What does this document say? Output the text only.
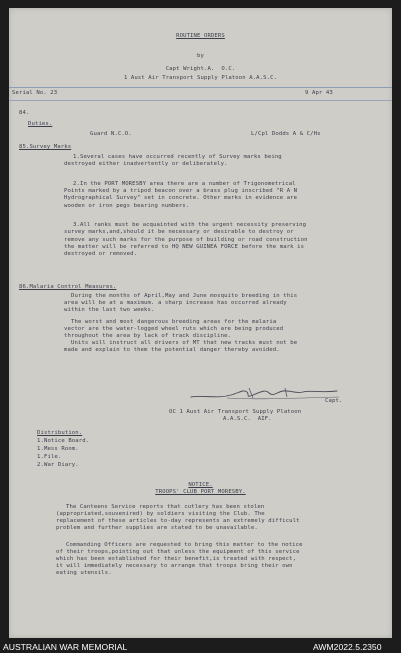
ROUTINE ORDERS
by
Capt Wright.A.  O.C.
1 Aust Air Transport Supply Platoon A.A.S.C.
Serial No. 23	9 Apr 43
84.
Duties.
Guard N.C.O.	L/Cpl Dodds A & C/Hs
85.Survey Marks
1.Several cases have occurred recently of Survey marks being
destroyed either inadvertently or deliberately.
2.In the PORT MORESBY area there are a number of Trigonometrical
Points marked by a tripod beacon over a brass plug inscribed "R A N
Hydrographical Survey" set in concrete. Other marks in evidence are
wooden or iron pegs bearing numbers.
3.All ranks must be acquainted with the urgent necessity preserving
survey marks,and,should it be necessary or desirable to destroy or
remove any such marks for the purpose of building or road construction
the matter will be referred to HQ NEW GUINEA FORCE before the mark is
destroyed or removed.
86.Malaria Control Measures.
During the months of April,May and June mosquito breeding in this
area will be at a maximum. a sharp increase has occurred already
within the last two weeks.
The worst and most dangerous breeding areas for the malaria
vector are the water-logged wheel ruts which are being produced
throughout the area by lack of track discipline.
Units will instruct all drivers of MT that new tracks must not be
made and explain to them the potential danger thereby avoided.
Capt.
OC 1 Aust Air Transport Supply Platoon
A.A.S.C.  AIF.
Distribution.
1.Notice Board.
1.Mess Room.
1.File.
2.War Diary.
NOTICE.
TROOPS' CLUB PORT MORESBY.
The Canteens Service reports that cutlery has been stolen
(appropriated,souvenired) by soldiers visiting the Club. The
replacement of these articles to-day represents an extremely difficult
problem and further supplies are stated to be unavailable.
Commanding Officers are requested to bring this matter to the notice
of their troops,pointing out that unless the equipment of this service
which has been established for their benefit,is treated with respect,
it will immediately necessary to arrange that troops bring their own
eating utensils.
AUSTRALIAN WAR MEMORIAL	AWM2022.5.2350
